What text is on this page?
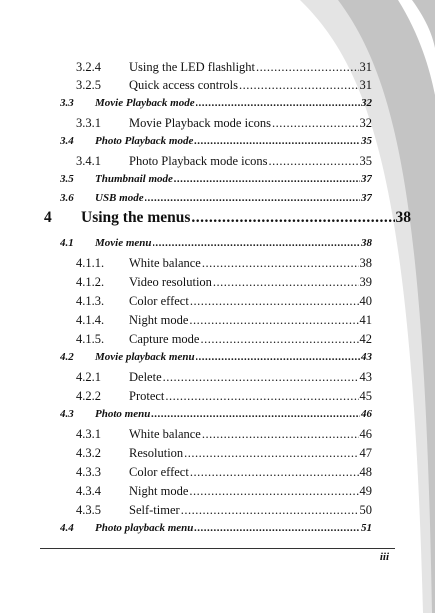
3.2.4	Using the LED flashlight .....	31
3.2.5	Quick access controls .....	31
3.3	Movie Playback mode .....	32
3.3.1	Movie Playback mode icons .....	32
3.4	Photo Playback mode .....	35
3.4.1	Photo Playback mode icons .....	35
3.5	Thumbnail mode .....	37
3.6	USB mode .....	37
4	Using the menus .....	38
4.1	Movie menu .....	38
4.1.1.	White balance .....	38
4.1.2.	Video resolution .....	39
4.1.3.	Color effect .....	40
4.1.4.	Night mode .....	41
4.1.5.	Capture mode .....	42
4.2	Movie playback menu .....	43
4.2.1	Delete .....	43
4.2.2	Protect .....	45
4.3	Photo menu .....	46
4.3.1	White balance .....	46
4.3.2	Resolution .....	47
4.3.3	Color effect .....	48
4.3.4	Night mode .....	49
4.3.5	Self-timer .....	50
4.4	Photo playback menu .....	51
iii
